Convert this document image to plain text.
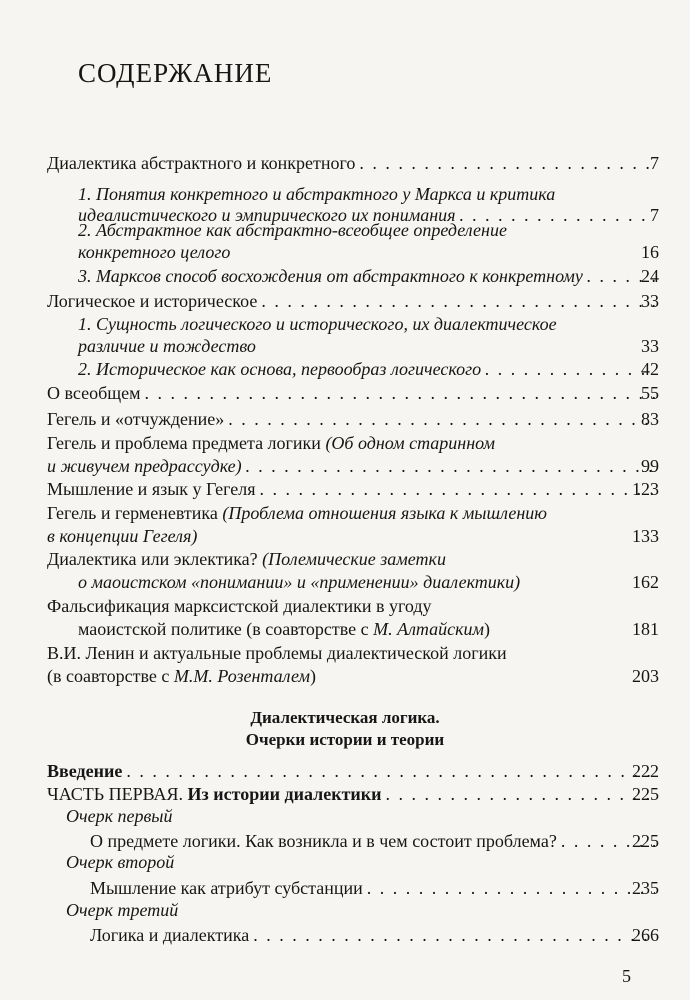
СОДЕРЖАНИЕ
Диалектика абстрактного и конкретного . . .	7
1. Понятия конкретного и абстрактного у Маркса и критика
идеалистического и эмпирического их понимания . . .	7
2. Абстрактное как абстрактно-всеобщее определение
конкретного целого	16
3. Марксов способ восхождения от абстрактного к конкретному . . .	24
Логическое и историческое . . .	33
1. Сущность логического и исторического, их диалектическое
различие и тождество	33
2. Историческое как основа, первообраз логического . . .	42
О всеобщем . . .	55
Гегель и «отчуждение» . . .	83
Гегель и проблема предмета логики (Об одном старинном
и живучем предрассудке) . . .	99
Мышление и язык у Гегеля . . .	123
Гегель и герменевтика (Проблема отношения языка к мышлению
в концепции Гегеля)	133
Диалектика или эклектика? (Полемические заметки
о маоистском «понимании» и «применении» диалектики)	162
Фальсификация марксистской диалектики в угоду
маоистской политике (в соавторстве с М. Алтайским)	181
В.И. Ленин и актуальные проблемы диалектической логики
(в соавторстве с М.М. Розенталем)	203
Диалектическая логика.
Очерки истории и теории
Введение . . .	222
ЧАСТЬ ПЕРВАЯ. Из истории диалектики . . .	225
Очерк первый
О предмете логики. Как возникла и в чем состоит проблема? . . .	225
Очерк второй
Мышление как атрибут субстанции . . .	235
Очерк третий
Логика и диалектика . . .	266
5
